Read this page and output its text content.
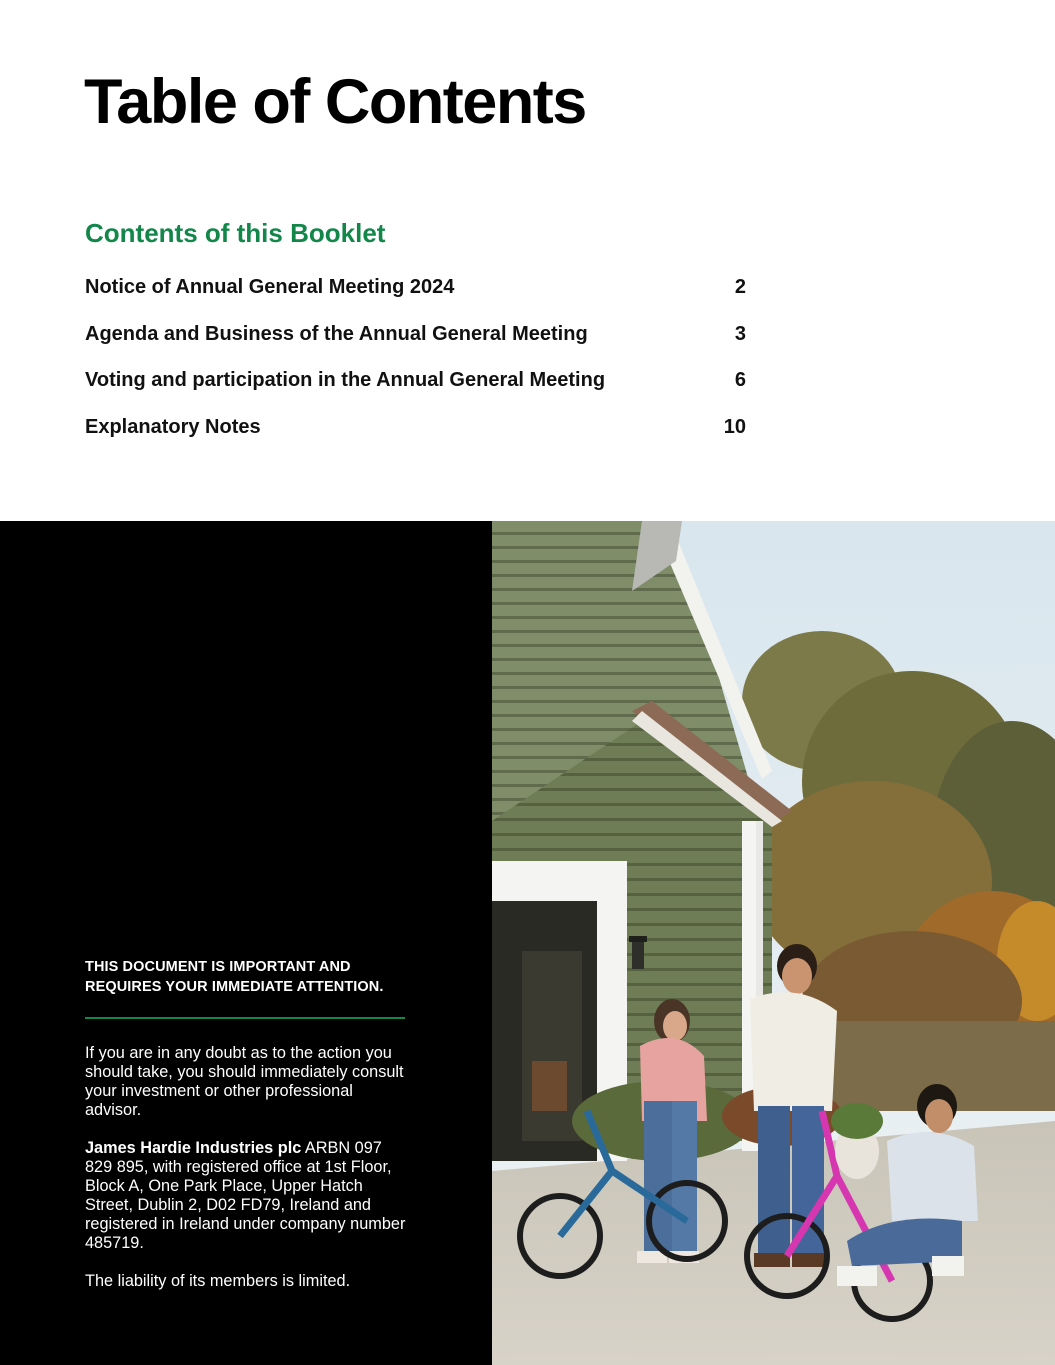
Table of Contents
Contents of this Booklet
Notice of Annual General Meeting 2024	2
Agenda and Business of the Annual General Meeting	3
Voting and participation in the Annual General Meeting	6
Explanatory Notes	10
THIS DOCUMENT IS IMPORTANT AND REQUIRES YOUR IMMEDIATE ATTENTION.

If you are in any doubt as to the action you should take, you should immediately consult your investment or other professional advisor.

James Hardie Industries plc ARBN 097 829 895, with registered office at 1st Floor, Block A, One Park Place, Upper Hatch Street, Dublin 2, D02 FD79, Ireland and registered in Ireland under company number 485719.

The liability of its members is limited.
